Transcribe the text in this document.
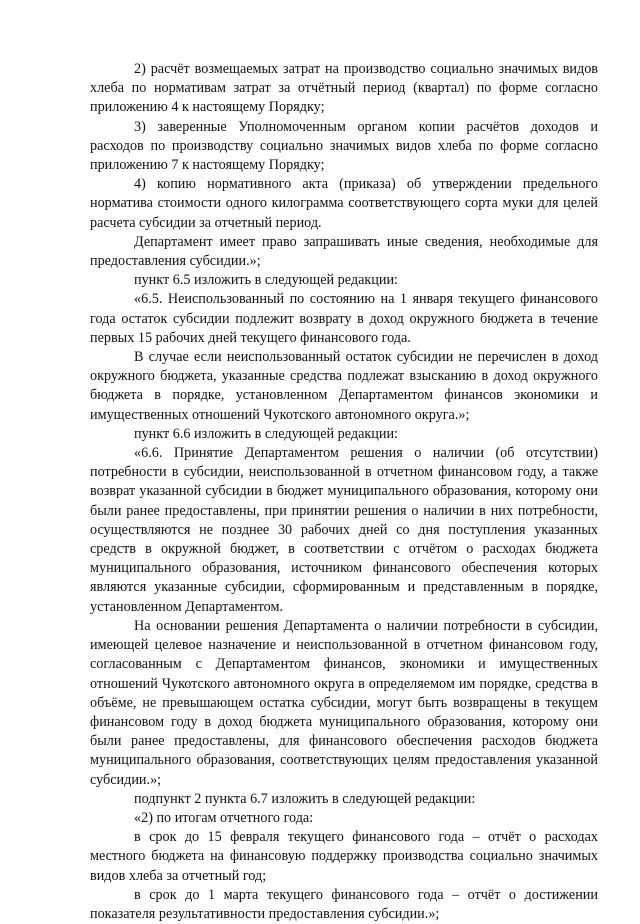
2) расчёт возмещаемых затрат на производство социально значимых видов хлеба по нормативам затрат за отчётный период (квартал) по форме согласно приложению 4 к настоящему Порядку;

3) заверенные Уполномоченным органом копии расчётов доходов и расходов по производству социально значимых видов хлеба по форме согласно приложению 7 к настоящему Порядку;

4) копию нормативного акта (приказа) об утверждении предельного норматива стоимости одного килограмма соответствующего сорта муки для целей расчета субсидии за отчетный период.

Департамент имеет право запрашивать иные сведения, необходимые для предоставления субсидии.»;

пункт 6.5 изложить в следующей редакции:

«6.5. Неиспользованный по состоянию на 1 января текущего финансового года остаток субсидии подлежит возврату в доход окружного бюджета в течение первых 15 рабочих дней текущего финансового года.

В случае если неиспользованный остаток субсидии не перечислен в доход окружного бюджета, указанные средства подлежат взысканию в доход окружного бюджета в порядке, установленном Департаментом финансов экономики и имущественных отношений Чукотского автономного округа.»;

пункт 6.6 изложить в следующей редакции:

«6.6. Принятие Департаментом решения о наличии (об отсутствии) потребности в субсидии, неиспользованной в отчетном финансовом году, а также возврат указанной субсидии в бюджет муниципального образования, которому они были ранее предоставлены, при принятии решения о наличии в них потребности, осуществляются не позднее 30 рабочих дней со дня поступления указанных средств в окружной бюджет, в соответствии с отчётом о расходах бюджета муниципального образования, источником финансового обеспечения которых являются указанные субсидии, сформированным и представленным в порядке, установленном Департаментом.

На основании решения Департамента о наличии потребности в субсидии, имеющей целевое назначение и неиспользованной в отчетном финансовом году, согласованным с Департаментом финансов, экономики и имущественных отношений Чукотского автономного округа в определяемом им порядке, средства в объёме, не превышающем остатка субсидии, могут быть возвращены в текущем финансовом году в доход бюджета муниципального образования, которому они были ранее предоставлены, для финансового обеспечения расходов бюджета муниципального образования, соответствующих целям предоставления указанной субсидии.»;

подпункт 2 пункта 6.7 изложить в следующей редакции:

«2) по итогам отчетного года:

в срок до 15 февраля текущего финансового года – отчёт о расходах местного бюджета на финансовую поддержку производства социально значимых видов хлеба за отчетный год;

в срок до 1 марта текущего финансового года – отчёт о достижении показателя результативности предоставления субсидии.»;
